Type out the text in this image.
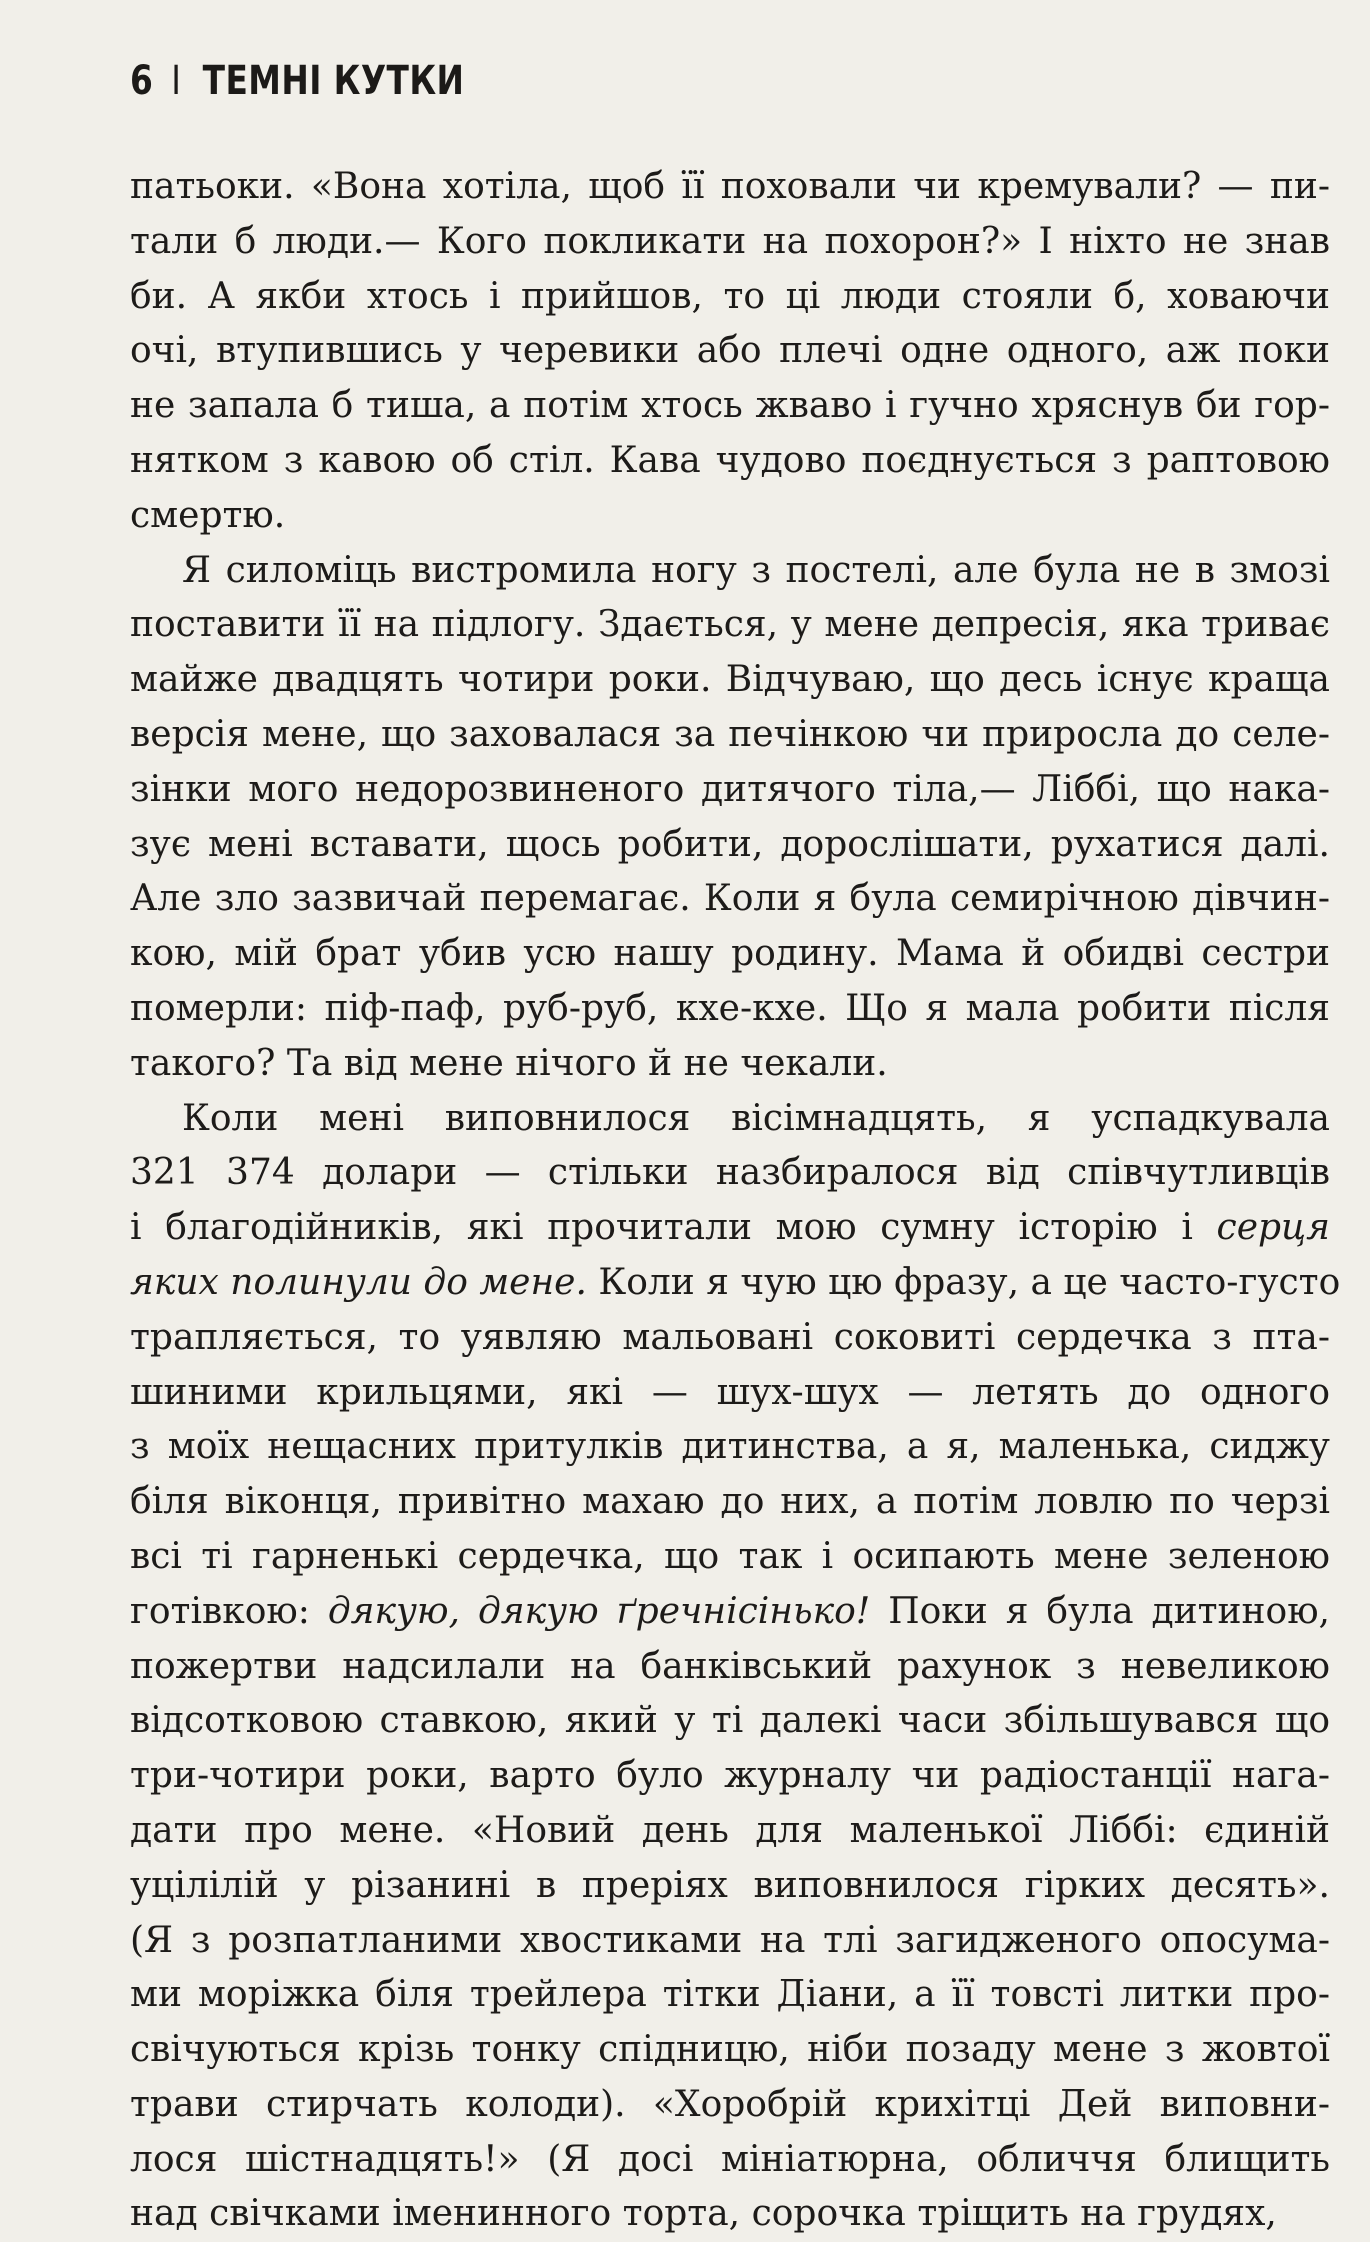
6 I ТЕМНІ КУТКИ
патьоки. «Вона хотіла, щоб її поховали чи кремували? — пи-
тали б люди.— Кого покликати на похорон?» І ніхто не знав
би. А якби хтось і прийшов, то ці люди стояли б, ховаючи
очі, втупившись у черевики або плечі одне одного, аж поки
не запала б тиша, а потім хтось жваво і гучно хряснув би гор-
нятком з кавою об стіл. Кава чудово поєднується з раптовою
смертю.
Я силоміць вистромила ногу з постелі, але була не в змозі
поставити її на підлогу. Здається, у мене депресія, яка триває
майже двадцять чотири роки. Відчуваю, що десь існує краща
версія мене, що заховалася за печінкою чи приросла до селе-
зінки мого недорозвиненого дитячого тіла,— Ліббі, що нака-
зує мені вставати, щось робити, дорослішати, рухатися далі.
Але зло зазвичай перемагає. Коли я була семирічною дівчин-
кою, мій брат убив усю нашу родину. Мама й обидві сестри
померли: піф-паф, руб-руб, кхе-кхе. Що я мала робити після
такого? Та від мене нічого й не чекали.
Коли мені виповнилося вісімнадцять, я успадкувала
321 374 долари — стільки назбиралося від співчутливців
і благодійників, які прочитали мою сумну історію і серця
яких полинули до мене. Коли я чую цю фразу, а це часто-густо
трапляється, то уявляю мальовані соковиті сердечка з пта-
шиними крильцями, які — шух-шух — летять до одного
з моїх нещасних притулків дитинства, а я, маленька, сиджу
біля віконця, привітно махаю до них, а потім ловлю по черзі
всі ті гарненькі сердечка, що так і осипають мене зеленою
готівкою: дякую, дякую ґречнісінько! Поки я була дитиною,
пожертви надсилали на банківський рахунок з невеликою
відсотковою ставкою, який у ті далекі часи збільшувався що
три-чотири роки, варто було журналу чи радіостанції нага-
дати про мене. «Новий день для маленької Ліббі: єдиній
уцілілій у різанині в преріях виповнилося гірких десять».
(Я з розпатланими хвостиками на тлі загидженого опосума-
ми моріжка біля трейлера тітки Діани, а її товсті литки про-
свічуються крізь тонку спідницю, ніби позаду мене з жовтої
трави стирчать колоди). «Хоробрій крихітці Дей виповни-
лося шістнадцять!» (Я досі мініатюрна, обличчя блищить
над свічками іменинного торта, сорочка тріщить на грудях,
